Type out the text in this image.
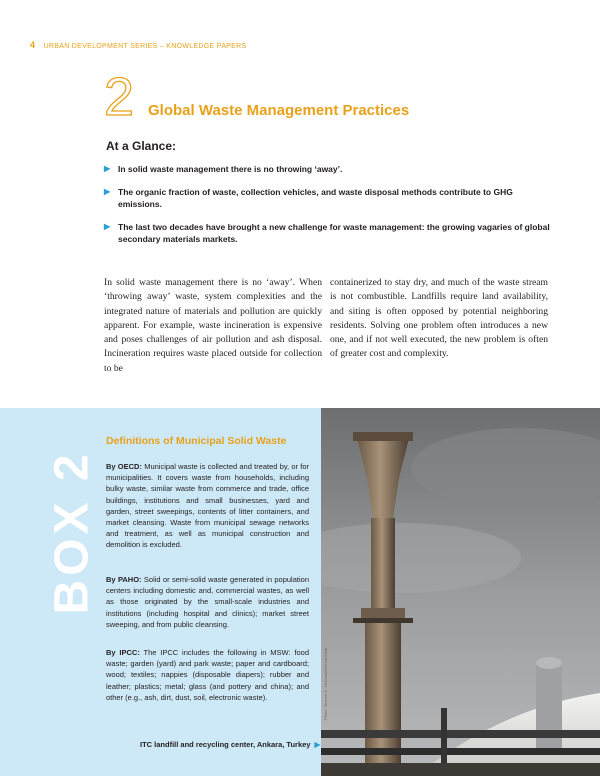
4 URBAN DEVELOPMENT SERIES – KNOWLEDGE PAPERS
2 Global Waste Management Practices
At a Glance:
▶ In solid waste management there is no throwing ‘away’.
▶ The organic fraction of waste, collection vehicles, and waste disposal methods contribute to GHG emissions.
▶ The last two decades have brought a new challenge for waste management: the growing vagaries of global secondary materials markets.

In solid waste management there is no ‘away’. When ‘throwing away’ waste, system complexities and the integrated nature of materials and pollution are quickly apparent. For example, waste incineration is expensive and poses challenges of air pollution and ash disposal. Incineration requires waste placed outside for collection to be

containerized to stay dry, and much of the waste stream is not combustible. Landfills require land availability, and siting is often opposed by potential neighboring residents. Solving one problem often introduces a new one, and if not well executed, the new problem is often of greater cost and complexity.

BOX 2
Definitions of Municipal Solid Waste

By OECD: Municipal waste is collected and treated by, or for municipalities. It covers waste from households, including bulky waste, similar waste from commerce and trade, office buildings, institutions and small businesses, yard and garden, street sweepings, contents of litter containers, and market cleansing. Waste from municipal sewage networks and treatment, as well as municipal construction and demolition is excluded.

By PAHO: Solid or semi-solid waste generated in population centers including domestic and, commercial wastes, as well as those originated by the small-scale industries and institutions (including hospital and clinics); market street sweeping, and from public cleansing.

By IPCC: The IPCC includes the following in MSW: food waste; garden (yard) and park waste; paper and cardboard; wood; textiles; nappies (disposable diapers); rubber and leather; plastics; metal; glass (and pottery and china); and other (e.g., ash, dirt, dust, soil, electronic waste).

ITC landfill and recycling center, Ankara, Turkey ▶
Photo: Simone D. McCourtie/World Bank
